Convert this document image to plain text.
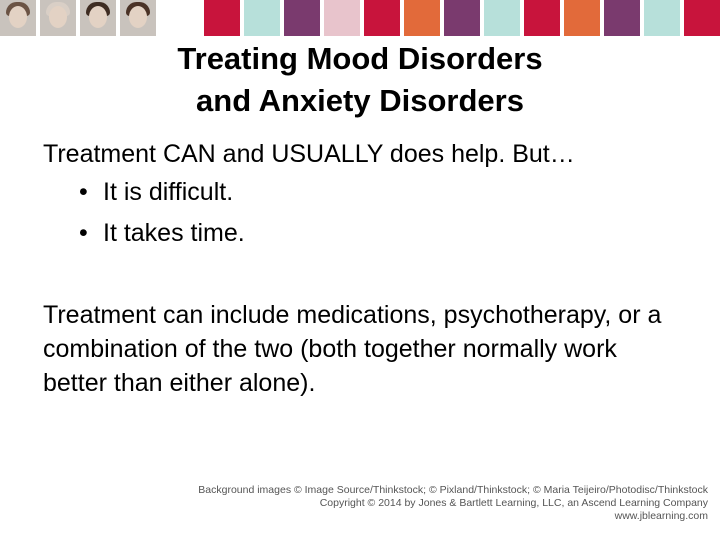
Treating Mood Disorders
and Anxiety Disorders
Treatment CAN and USUALLY does help. But…
• It is difficult.
• It takes time.
Treatment can include medications, psychotherapy, or a combination of the two (both together normally work better than either alone).
Background images © Image Source/Thinkstock; © Pixland/Thinkstock; © Maria Teijeiro/Photodisc/Thinkstock
Copyright © 2014 by Jones & Bartlett Learning, LLC, an Ascend Learning Company
www.jblearning.com
